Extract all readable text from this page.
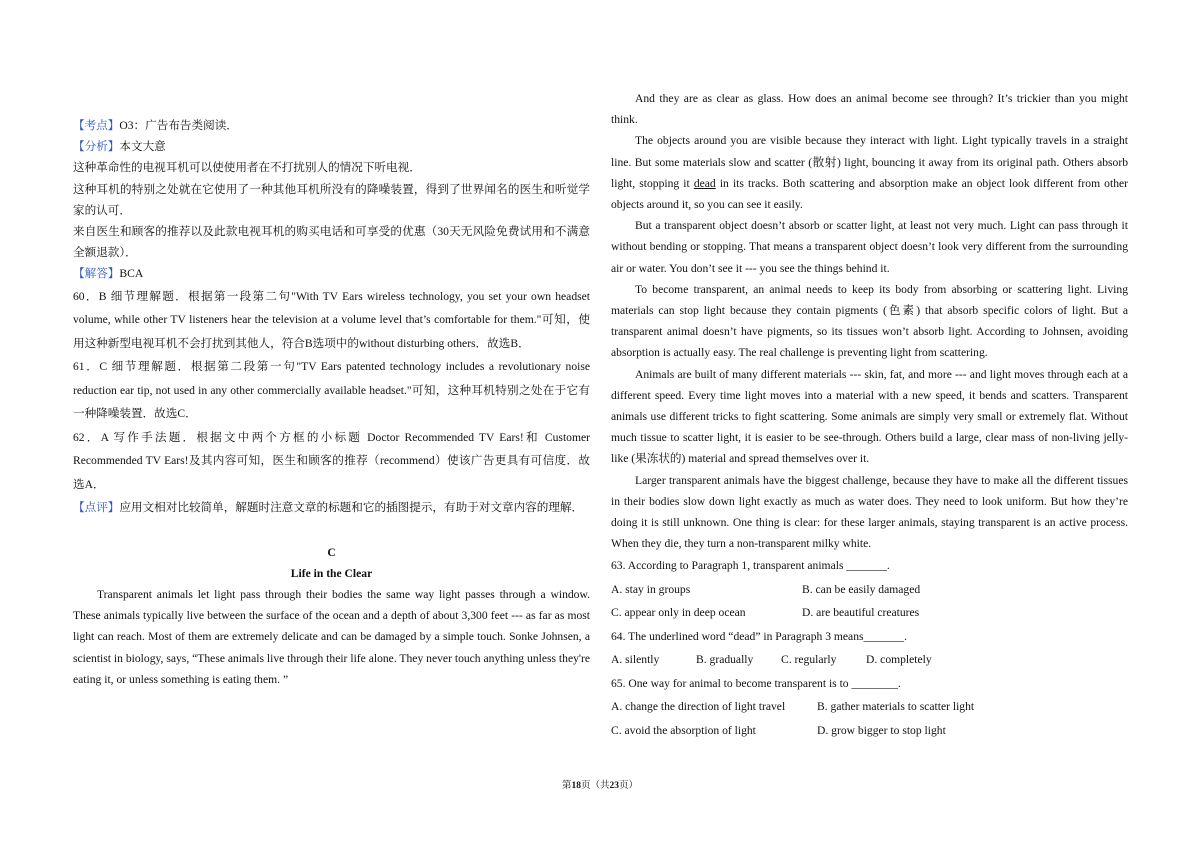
【考点】O3：广告布告类阅读．

【分析】本文大意

这种革命性的电视耳机可以使使用者在不打扰别人的情况下听电视．

这种耳机的特别之处就在它使用了一种其他耳机所没有的降噪装置，得到了世界闻名的医生和听觉学家的认可．

来自医生和顾客的推荐以及此款电视耳机的购买电话和可享受的优惠（30天无风险免费试用和不满意全额退款）．

【解答】BCA

60．B 细节理解题．根据第一段第二句"With TV Ears wireless technology, you set your own headset volume, while other TV listeners hear the television at a volume level that’s comfortable for them."可知，使用这种新型电视耳机不会打扰到其他人，符合B选项中的without disturbing others．故选B．

61．C 细节理解题．根据第二段第一句"TV Ears patented technology includes a revolutionary noise reduction ear tip, not used in any other commercially available headset."可知，这种耳机特别之处在于它有一种降噪装置．故选C．

62．A 写作手法题．根据文中两个方框的小标题 Doctor Recommended TV Ears!和 Customer Recommended TV Ears!及其内容可知，医生和顾客的推荐（recommend）使该广告更具有可信度．故选A．

【点评】应用文相对比较简单，解题时注意文章的标题和它的插图提示，有助于对文章内容的理解．

C

Life in the Clear

Transparent animals let light pass through their bodies the same way light passes through a window. These animals typically live between the surface of the ocean and a depth of about 3,300 feet --- as far as most light can reach. Most of them are extremely delicate and can be damaged by a simple touch. Sonke Johnsen, a scientist in biology, says, “These animals live through their life alone. They never touch anything unless they're eating it, or unless something is eating them. ”

And they are as clear as glass. How does an animal become see through? It’s trickier than you might think.

The objects around you are visible because they interact with light. Light typically travels in a straight line. But some materials slow and scatter (散射) light, bouncing it away from its original path. Others absorb light, stopping it dead in its tracks. Both scattering and absorption make an object look different from other objects around it, so you can see it easily.

But a transparent object doesn’t absorb or scatter light, at least not very much. Light can pass through it without bending or stopping. That means a transparent object doesn’t look very different from the surrounding air or water. You don’t see it --- you see the things behind it.

To become transparent, an animal needs to keep its body from absorbing or scattering light. Living materials can stop light because they contain pigments (色素) that absorb specific colors of light. But a transparent animal doesn’t have pigments, so its tissues won’t absorb light. According to Johnsen, avoiding absorption is actually easy. The real challenge is preventing light from scattering.

Animals are built of many different materials --- skin, fat, and more --- and light moves through each at a different speed. Every time light moves into a material with a new speed, it bends and scatters. Transparent animals use different tricks to fight scattering. Some animals are simply very small or extremely flat. Without much tissue to scatter light, it is easier to be see-through. Others build a large, clear mass of non-living jelly-like (果冻状的) material and spread themselves over it.

Larger transparent animals have the biggest challenge, because they have to make all the different tissues in their bodies slow down light exactly as much as water does. They need to look uniform. But how they’re doing it is still unknown. One thing is clear: for these larger animals, staying transparent is an active process. When they die, they turn a non-transparent milky white.

63. According to Paragraph 1, transparent animals _______.

A. stay in groups	B. can be easily damaged
C. appear only in deep ocean	D. are beautiful creatures

64. The underlined word “dead” in Paragraph 3 means_______.

A. silently	B. gradually	C. regularly	D. completely

65. One way for animal to become transparent is to ________.

A. change the direction of light travel	B. gather materials to scatter light
C. avoid the absorption of light	D. grow bigger to stop light
第18页（共23页）
